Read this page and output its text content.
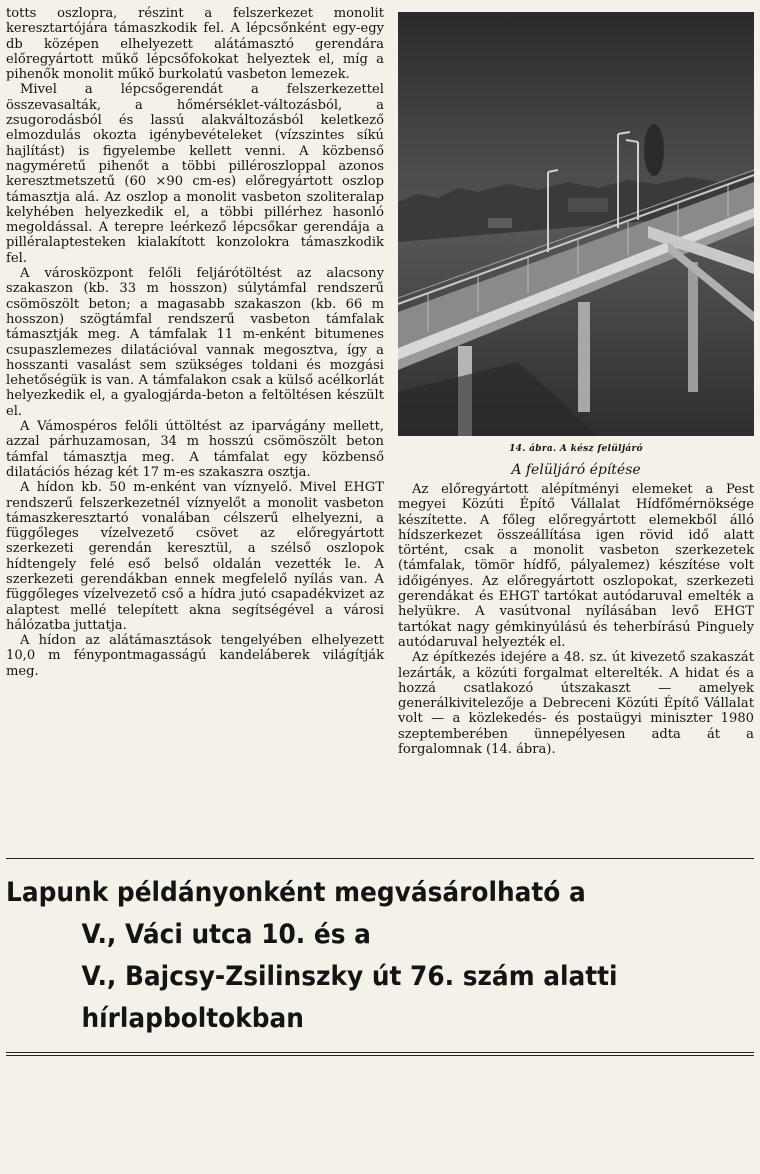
totts oszlopra, részint a felszerkezet monolit keresztartójára támaszkodik fel. A lépcsőnként egy-egy db középen elhelyezett alátámasztó gerendára előregyártott műkő lépcsőfokokat helyeztek el, míg a pihenők monolit műkő burkolatú vasbeton lemezek.

Mivel a lépcsőgerendát a felszerkezettel összevasalták, a hőmérséklet-változásból, a zsugorodásból és lassú alakváltozásból keletkező elmozdulás okozta igénybevételeket (vízszintes síkú hajlítást) is figyelembe kellett venni. A közbenső nagyméretű pihenőt a többi pilléroszloppal azonos keresztmetszetű (60 ×90 cm-es) előregyártott oszlop támasztja alá. Az oszlop a monolit vasbeton szoliteralap kelyhében helyezkedik el, a többi pillérhez hasonló megoldással. A terepre leérkező lépcsőkar gerendája a pilléralaptesteken kialakított konzolokra támaszkodik fel.

A városközpont felőli feljárótöltést az alacsony szakaszon (kb. 33 m hosszon) súlytámfal rendszerű csömöszölt beton; a magasabb szakaszon (kb. 66 m hosszon) szögtámfal rendszerű vasbeton támfalak támasztják meg. A támfalak 11 m-enként bitumenes csupaszlemezes dilatációval vannak megosztva, így a hosszanti vasalást sem szükséges toldani és mozgási lehetőségük is van. A támfalakon csak a külső acélkorlát helyezkedik el, a gyalogjárda-beton a feltöltésen készült el.

A Vámospéros felőli úttöltést az iparvágány mellett, azzal párhuzamosan, 34 m hosszú csömöszölt beton támfal támasztja meg. A támfalat egy közbenső dilatációs hézag két 17 m-es szakaszra osztja.

A hídon kb. 50 m-enként van víznyelő. Mivel EHGT rendszerű felszerkezetnél víznyelőt a monolit vasbeton támaszkeresztartó vonalában célszerű elhelyezni, a függőleges vízelvezető csövet az előregyártott szerkezeti gerendán keresztül, a szélső oszlopok hídtengely felé eső belső oldalán vezették le. A szerkezeti gerendákban ennek megfelelő nyílás van. A függőleges vízelvezető cső a hídra jutó csapadékvizet az alaptest mellé telepített akna segítségével a városi hálózatba juttatja.

A hídon az alátámasztások tengelyében elhelyezett 10,0 m fénypontmagasságú kandeláberek világítják meg.

14. ábra. A kész felüljáró
A felüljáró építése

Az előregyártott alépítményi elemeket a Pest megyei Közúti Építő Vállalat Hídfőmérnöksége készítette. A főleg előregyártott elemekből álló hídszerkezet összeállítása igen rövid idő alatt történt, csak a monolit vasbeton szerkezetek (támfalak, tömör hídfő, pályalemez) készítése volt időigényes. Az előregyártott oszlopokat, szerkezeti gerendákat és EHGT tartókat autódaruval emelték a helyükre. A vasútvonal nyílásában levő EHGT tartókat nagy gémkinyúlású és teherbírású Pinguely autódaruval helyezték el.

Az építkezés idejére a 48. sz. út kivezető szakaszát lezárták, a közúti forgalmat elterelték. A hidat és a hozzá csatlakozó útszakaszt — amelyek generálkivitelezője a Debreceni Közúti Építő Vállalat volt — a közlekedés- és postaügyi miniszter 1980 szeptemberében ünnepélyesen adta át a forgalomnak (14. ábra).

Lapunk példányonként megvásárolható a
V., Váci utca 10. és a
V., Bajcsy-Zsilinszky út 76. szám alatti
hírlapboltokban
